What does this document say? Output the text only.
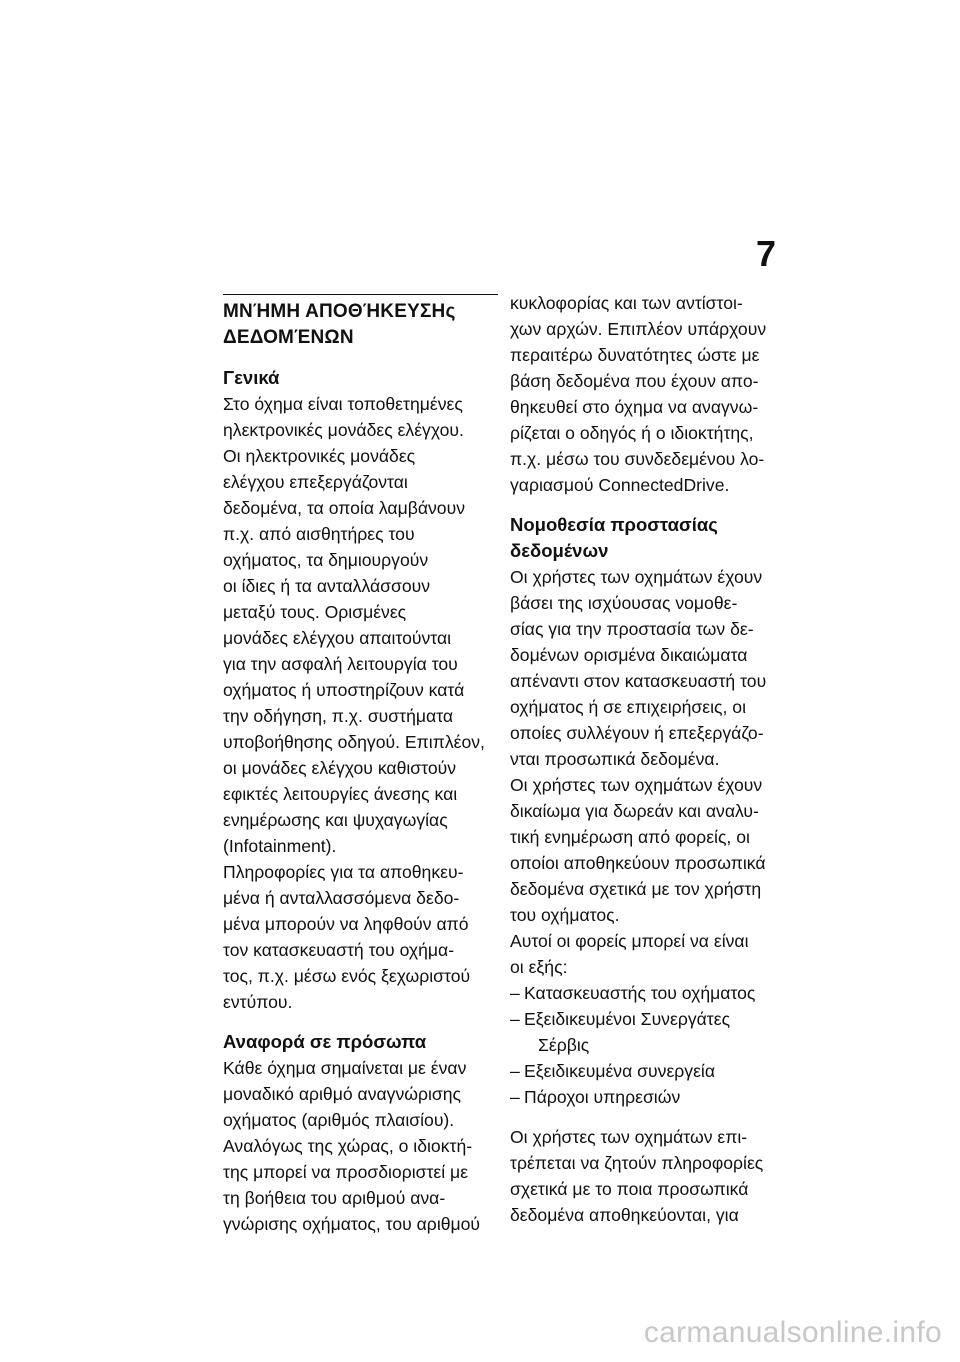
7
ΜΝΉΜΗ ΑΠΟΘΉΚΕΥΣΗς
ΔΕΔΟΜΈΝΩΝ
Γενικά

Στο όχημα είναι τοποθετημένες
ηλεκτρονικές μονάδες ελέγχου.
Οι ηλεκτρονικές μονάδες
ελέγχου επεξεργάζονται
δεδομένα, τα οποία λαμβάνουν
π.χ. από αισθητήρες του
οχήματος, τα δημιουργούν
οι ίδιες ή τα ανταλλάσσουν
μεταξύ τους. Ορισμένες
μονάδες ελέγχου απαιτούνται
για την ασφαλή λειτουργία του
οχήματος ή υποστηρίζουν κατά
την οδήγηση, π.χ. συστήματα
υποβοήθησης οδηγού. Επιπλέον,
οι μονάδες ελέγχου καθιστούν
εφικτές λειτουργίες άνεσης και
ενημέρωσης και ψυχαγωγίας
(Infotainment).
Πληροφορίες για τα αποθηκευ-
μένα ή ανταλλασσόμενα δεδο-
μένα μπορούν να ληφθούν από
τον κατασκευαστή του οχήμα-
τος, π.χ. μέσω ενός ξεχωριστού
εντύπου.

Αναφορά σε πρόσωπα

Κάθε όχημα σημαίνεται με έναν
μοναδικό αριθμό αναγνώρισης
οχήματος (αριθμός πλαισίου).
Αναλόγως της χώρας, ο ιδιοκτή-
της μπορεί να προσδιοριστεί με
τη βοήθεια του αριθμού ανα-
γνώρισης οχήματος, του αριθμού

κυκλοφορίας και των αντίστοι-
χων αρχών. Επιπλέον υπάρχουν
περαιτέρω δυνατότητες ώστε με
βάση δεδομένα που έχουν απο-
θηκευθεί στο όχημα να αναγνω-
ρίζεται ο οδηγός ή ο ιδιοκτήτης,
π.χ. μέσω του συνδεδεμένου λο-
γαριασμού ConnectedDrive.

Νομοθεσία προστασίας
δεδομένων

Οι χρήστες των οχημάτων έχουν
βάσει της ισχύουσας νομοθε-
σίας για την προστασία των δε-
δομένων ορισμένα δικαιώματα
απέναντι στον κατασκευαστή του
οχήματος ή σε επιχειρήσεις, οι
οποίες συλλέγουν ή επεξεργάζο-
νται προσωπικά δεδομένα.
Οι χρήστες των οχημάτων έχουν
δικαίωμα για δωρεάν και αναλυ-
τική ενημέρωση από φορείς, οι
οποίοι αποθηκεύουν προσωπικά
δεδομένα σχετικά με τον χρήστη
του οχήματος.
Αυτοί οι φορείς μπορεί να είναι
οι εξής:

– Κατασκευαστής του οχήματος
– Εξειδικευμένοι Συνεργάτες
Σέρβις
– Εξειδικευμένα συνεργεία
– Πάροχοι υπηρεσιών

Οι χρήστες των οχημάτων επι-
τρέπεται να ζητούν πληροφορίες
σχετικά με το ποια προσωπικά
δεδομένα αποθηκεύονται, για

carmanualsonline.info
